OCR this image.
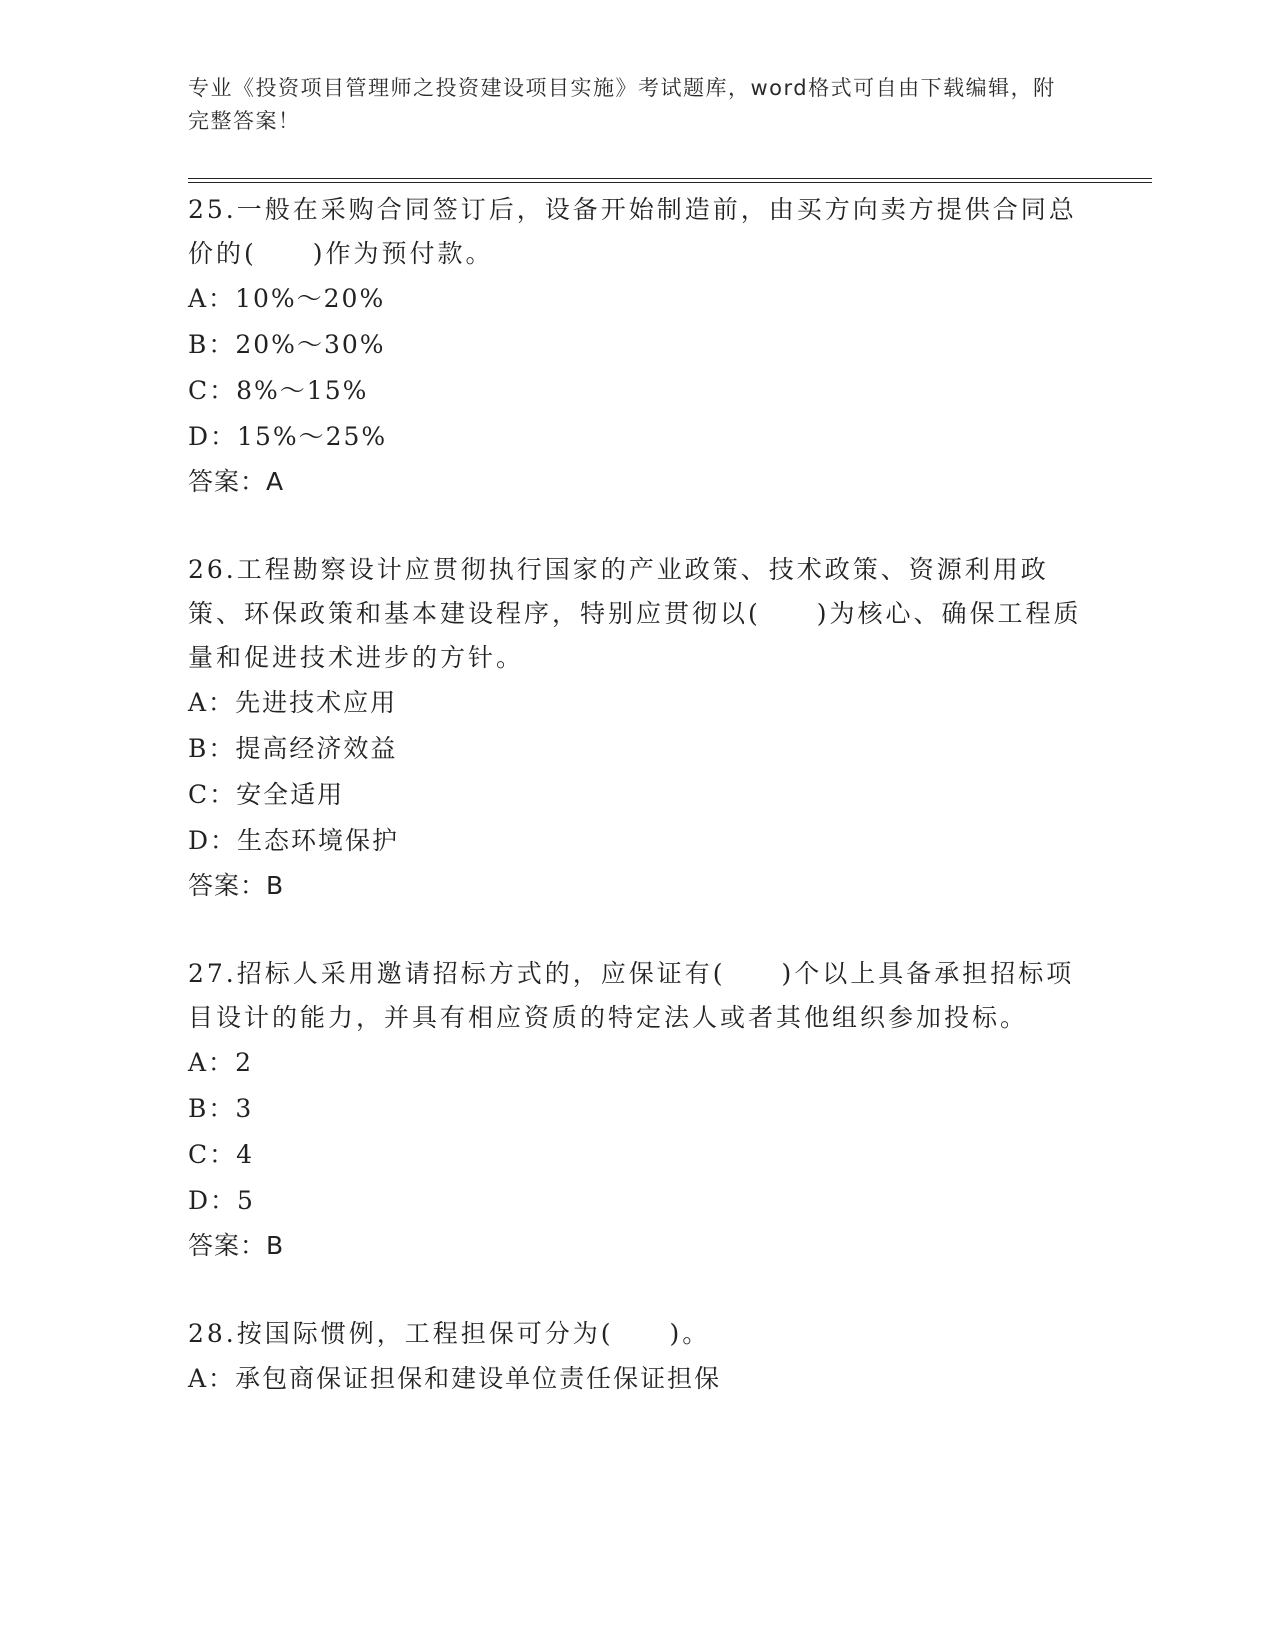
专业《投资项目管理师之投资建设项目实施》考试题库，word格式可自由下载编辑，附完整答案！

25.一般在采购合同签订后，设备开始制造前，由买方向卖方提供合同总价的(　　)作为预付款。

A：10%～20%

B：20%～30%

C：8%～15%

D：15%～25%

答案：A

26.工程勘察设计应贯彻执行国家的产业政策、技术政策、资源利用政策、环保政策和基本建设程序，特别应贯彻以(　　)为核心、确保工程质量和促进技术进步的方针。

A：先进技术应用

B：提高经济效益

C：安全适用

D：生态环境保护

答案：B

27.招标人采用邀请招标方式的，应保证有(　　)个以上具备承担招标项目设计的能力，并具有相应资质的特定法人或者其他组织参加投标。

A：2

B：3

C：4

D：5

答案：B

28.按国际惯例，工程担保可分为(　　)。

A：承包商保证担保和建设单位责任保证担保
